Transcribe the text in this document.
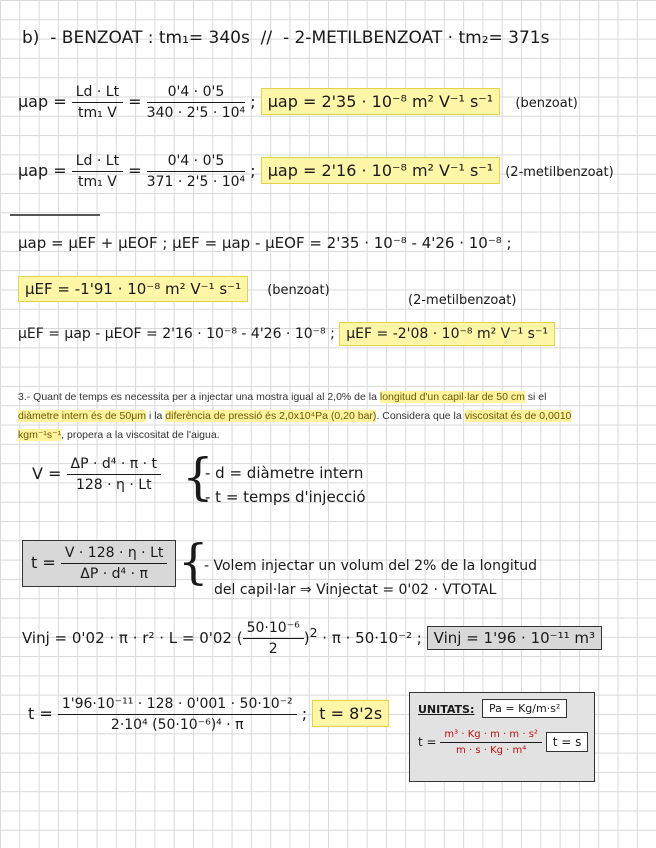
b) - BENZOAT : tm₁= 340s // - 2-METILBENZOAT · tm₂= 371s
$\mu ap = \frac{Ld \cdot Lt}{\text{tm₁ V}} = \frac{0'4 \cdot 0'5}{\text{340 · 2'5 · 10⁴}}$ ; μap = 2'35 · 10⁻⁸ m² V⁻¹ s⁻¹ (benzoat)
$\mu ap = \frac{Ld \cdot Lt}{\text{tm₁ V}} = \frac{0'4 \cdot 0'5}{\text{371 · 2'5 · 10⁴}}$ ; μap = 2'16 · 10⁻⁸ m² V⁻¹ s⁻¹ (2-metilbenzoat)
μap = μEF + μEOF ; μEF = μap - μEOF = 2'35 · 10⁻⁸ - 4'26 · 10⁻⁸ ;
μEF = -1'91 · 10⁻⁸ m² V⁻¹ s⁻¹ (benzoat)
(2-metilbenzoat)
μEF = μap - μEOF = 2'16 · 10⁻⁸ - 4'26 · 10⁻⁸ ; μEF = -2'08 · 10⁻⁸ m² V⁻¹ s⁻¹
3.- Quant de temps es necessita per a injectar una mostra igual al 2,0% de la longitud d'un capil·lar de 50 cm si el diàmetre intern és de 50μm i la diferència de pressió és 2,0x10⁴Pa (0,20 bar). Considera que la viscositat és de 0,0010 kgm⁻¹s⁻¹, propera a la viscositat de l'aigua.
$V = \frac{\text{ΔP · d⁴ · π · t}}{128 \cdot \eta \cdot Lt}$ {
- d = diàmetre intern
- t = temps d'injecció
$t = \frac{V \cdot 128 \cdot \eta \cdot Lt}{\text{ΔP · d⁴ · π}}$ {
- Volem injectar un volum del 2% de la longitud
del capil·lar ⇒ Vinjectat = 0'02 · VTOTAL
Vinj = 0'02 · π · r² · L = 0'02 ( $\frac{\text{50·10⁻⁶}}{2} )^2 \cdot \pi \cdot 50\cdot 10^{-2}$ ; Vinj = 1'96 · 10⁻¹¹ m³
$t = \frac{\text{1'96·10⁻¹¹ · 128 · 0'001 · 50·10⁻²}}{\text{2·10⁴ (50·10⁻⁶)⁴ · π}}$ ; t = 8'2s	UNITATS:	Pa = Kg/m·s²
$t = \frac{\text{m³ · Kg · m · m · s²}}{\text{m · s · Kg · m⁴}}$ t = s
